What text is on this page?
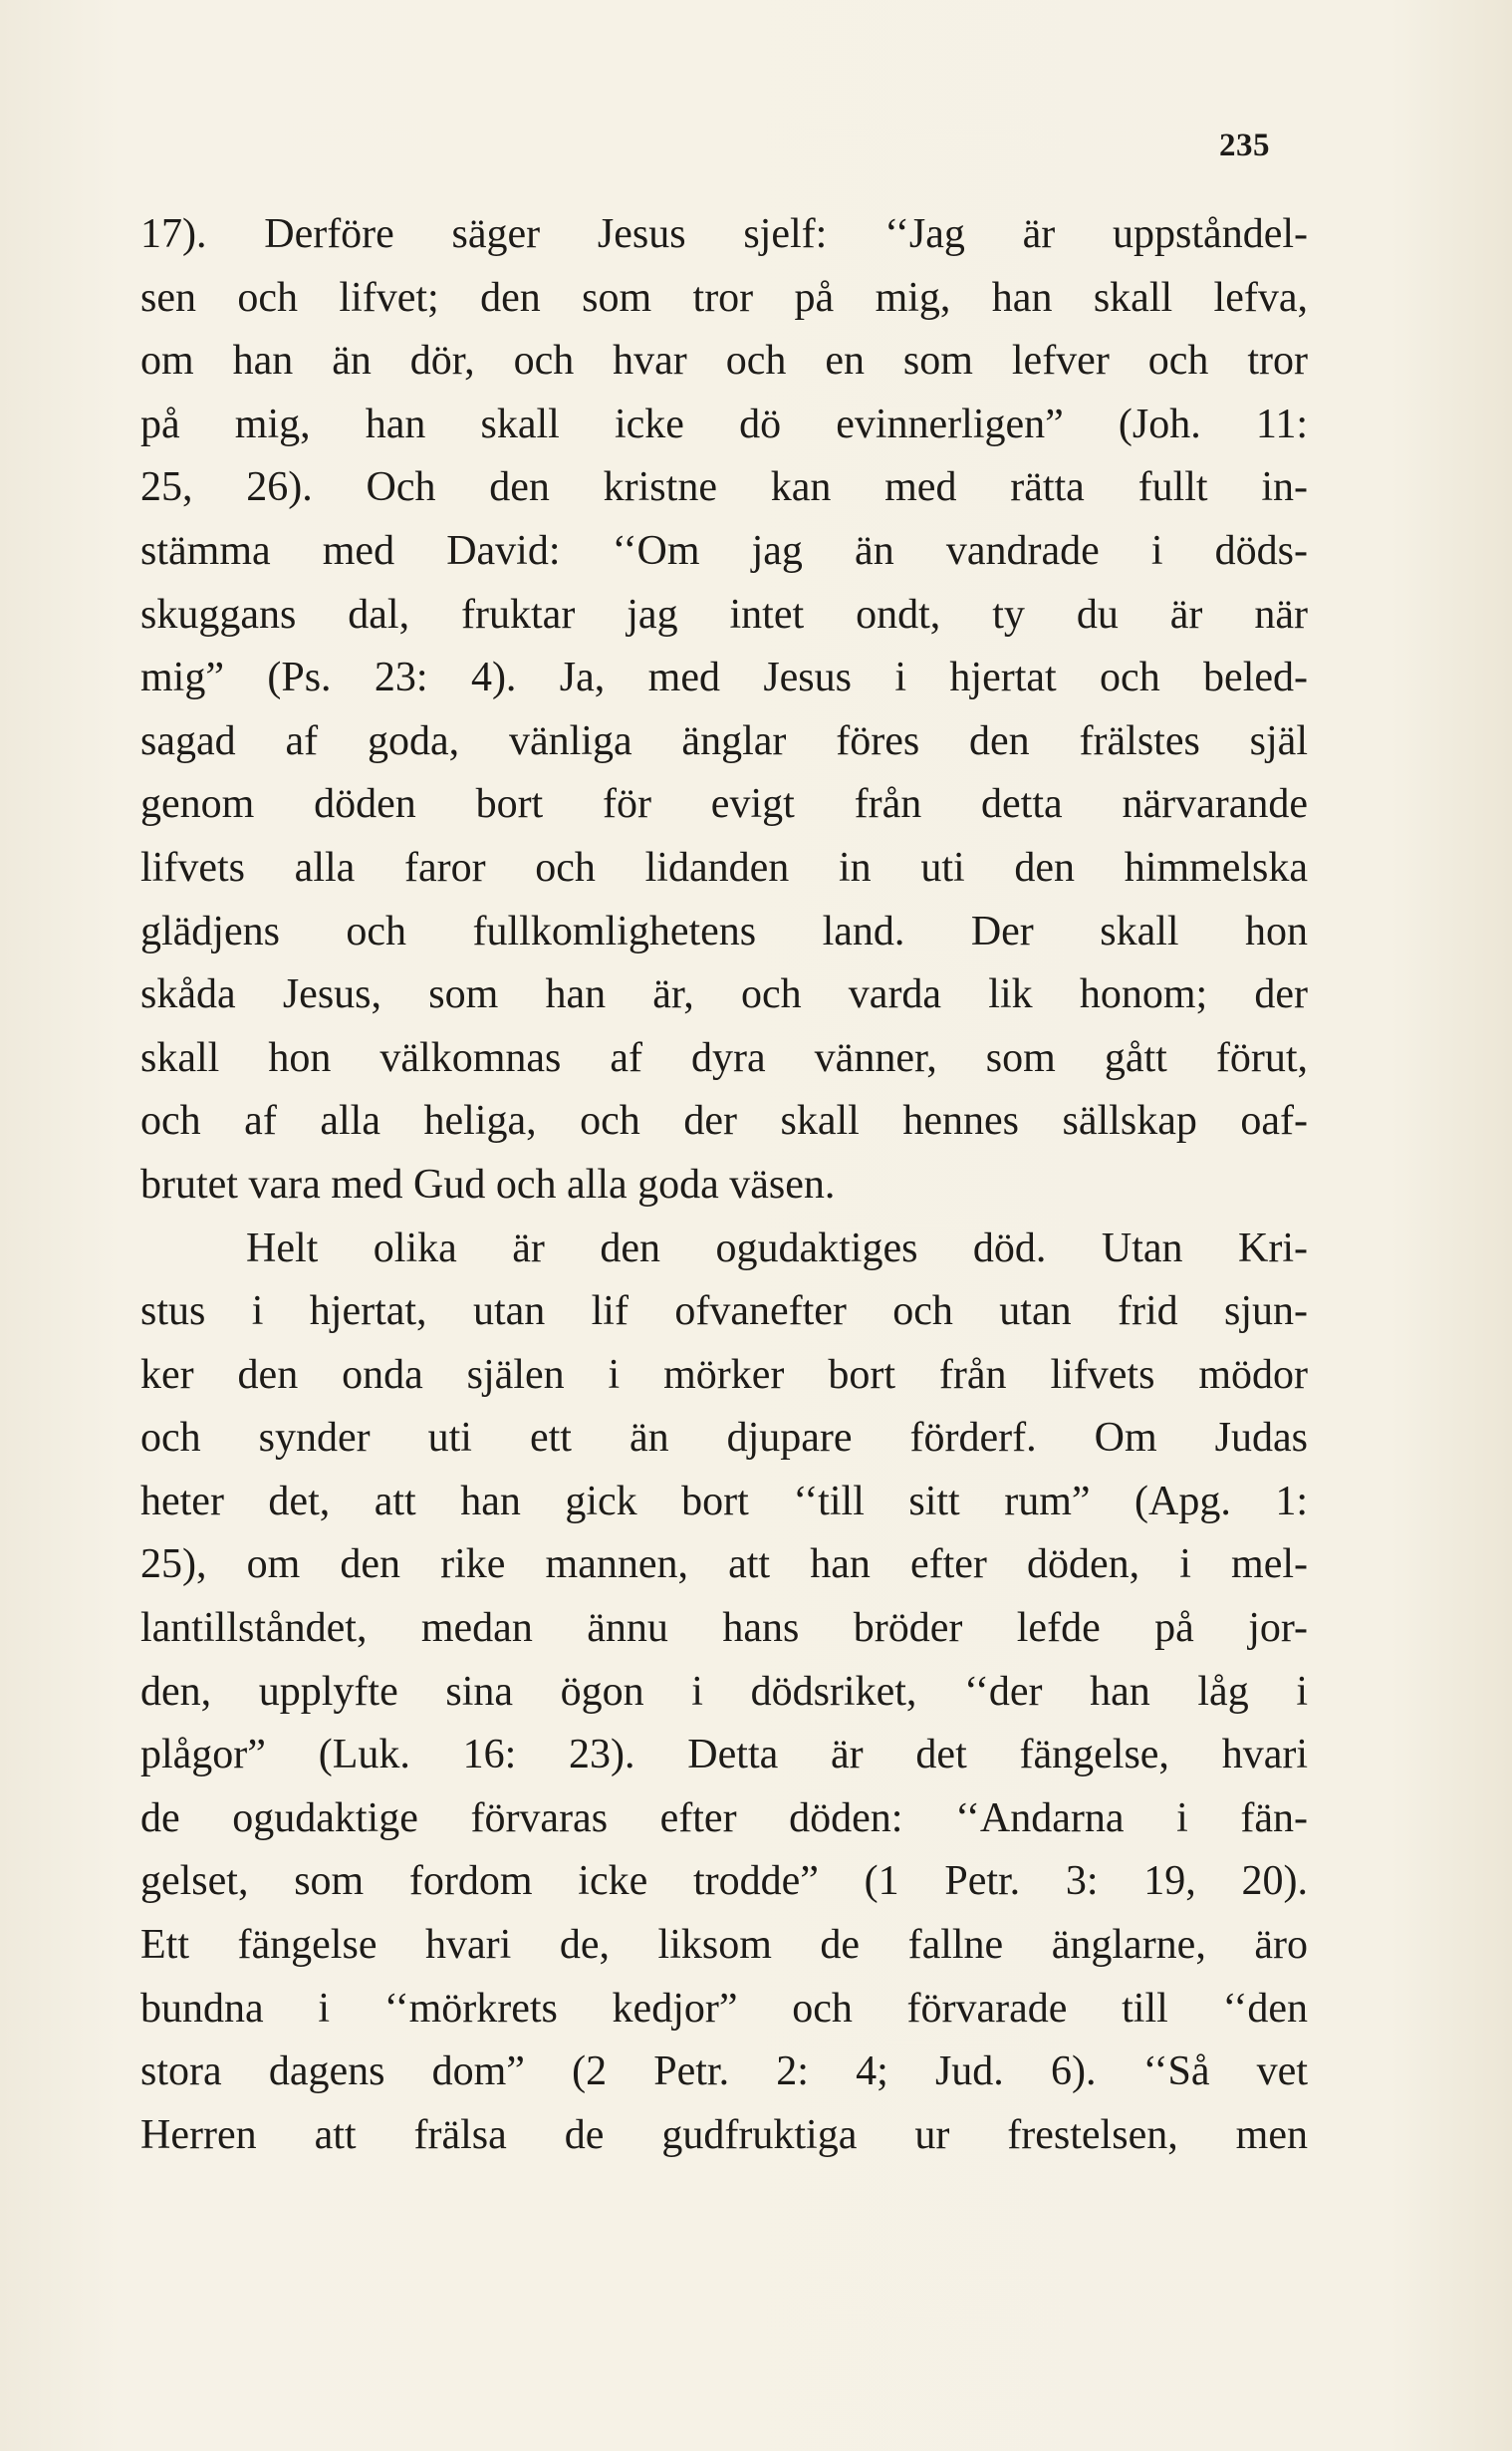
235
17). Derföre säger Jesus sjelf: ‘‘Jag är uppståndel-
sen och lifvet; den som tror på mig, han skall lefva,
om han än dör, och hvar och en som lefver och tror
på mig, han skall icke dö evinnerligen” (Joh. 11:
25, 26). Och den kristne kan med rätta fullt in-
stämma med David: ‘‘Om jag än vandrade i döds-
skuggans dal, fruktar jag intet ondt, ty du är när
mig” (Ps. 23: 4). Ja, med Jesus i hjertat och beled-
sagad af goda, vänliga änglar föres den frälstes själ
genom döden bort för evigt från detta närvarande
lifvets alla faror och lidanden in uti den himmelska
glädjens och fullkomlighetens land. Der skall hon
skåda Jesus, som han är, och varda lik honom; der
skall hon välkomnas af dyra vänner, som gått förut,
och af alla heliga, och der skall hennes sällskap oaf-
brutet vara med Gud och alla goda väsen.
Helt olika är den ogudaktiges död. Utan Kri-
stus i hjertat, utan lif ofvanefter och utan frid sjun-
ker den onda själen i mörker bort från lifvets mödor
och synder uti ett än djupare förderf. Om Judas
heter det, att han gick bort ‘‘till sitt rum” (Apg. 1:
25), om den rike mannen, att han efter döden, i mel-
lantillståndet, medan ännu hans bröder lefde på jor-
den, upplyfte sina ögon i dödsriket, ‘‘der han låg i
plågor” (Luk. 16: 23). Detta är det fängelse, hvari
de ogudaktige förvaras efter döden: ‘‘Andarna i fän-
gelset, som fordom icke trodde” (1 Petr. 3: 19, 20).
Ett fängelse hvari de, liksom de fallne änglarne, äro
bundna i ‘‘mörkrets kedjor” och förvarade till ‘‘den
stora dagens dom” (2 Petr. 2: 4; Jud. 6). ‘‘Så vet
Herren att frälsa de gudfruktiga ur frestelsen, men
